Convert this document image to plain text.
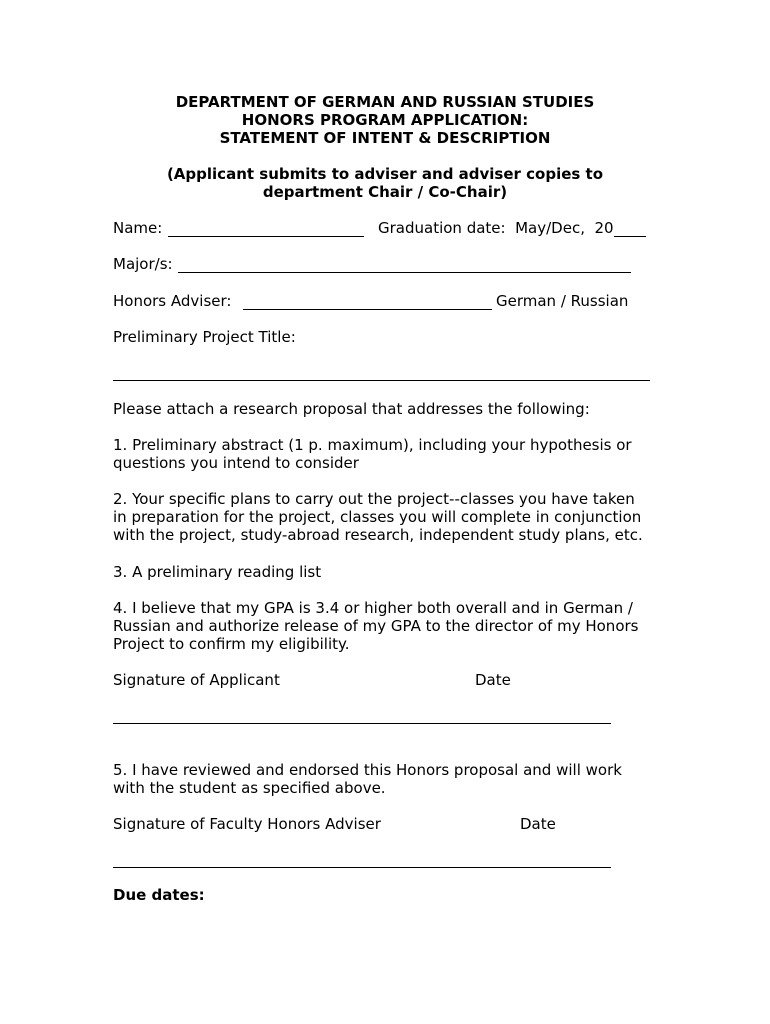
DEPARTMENT OF GERMAN AND RUSSIAN STUDIES
HONORS PROGRAM APPLICATION:
STATEMENT OF INTENT & DESCRIPTION
(Applicant submits to adviser and adviser copies to
department Chair / Co-Chair)
Name:	Graduation date:  May/Dec,  20
Major/s:
Honors Adviser:	German / Russian
Preliminary Project Title:
Please attach a research proposal that addresses the following:
1. Preliminary abstract (1 p. maximum), including your hypothesis or
questions you intend to consider
2. Your specific plans to carry out the project--classes you have taken
in preparation for the project, classes you will complete in conjunction
with the project, study-abroad research, independent study plans, etc.
3. A preliminary reading list
4. I believe that my GPA is 3.4 or higher both overall and in German /
Russian and authorize release of my GPA to the director of my Honors
Project to confirm my eligibility.
Signature of Applicant	Date
5. I have reviewed and endorsed this Honors proposal and will work
with the student as specified above.
Signature of Faculty Honors Adviser	Date
Due dates:
